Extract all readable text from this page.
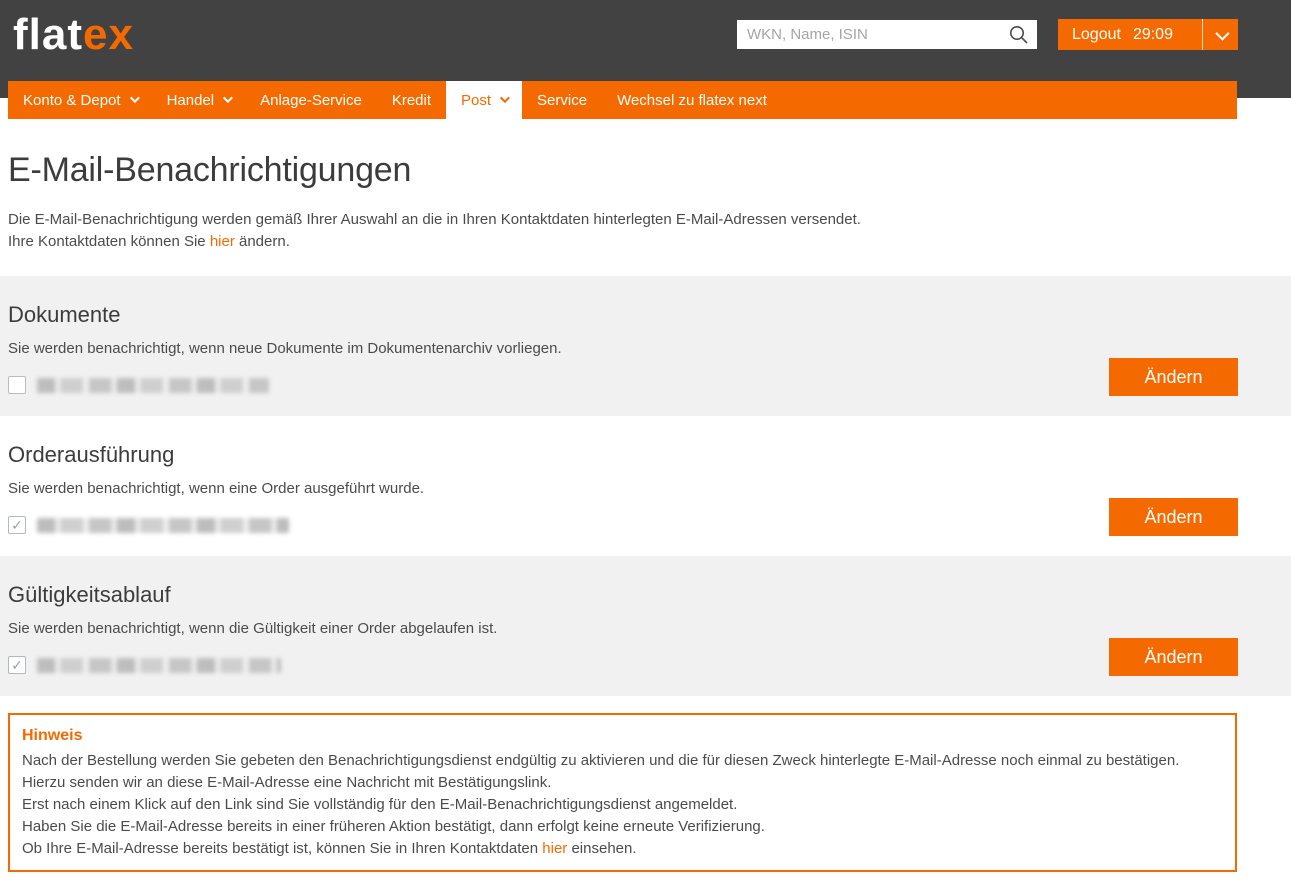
flatex
WKN, Name, ISIN	Logout 29:09
Konto & Depot	Handel	Anlage-Service Kredit Post	Service Wechsel zu flatex next
E-Mail-Benachrichtigungen

Die E-Mail-Benachrichtigung werden gemäß Ihrer Auswahl an die in Ihren Kontaktdaten hinterlegten E-Mail-Adressen versendet.

Ihre Kontaktdaten können Sie hier ändern.

Dokumente

Sie werden benachrichtigt, wenn neue Dokumente im Dokumentenarchiv vorliegen.

Ändern
Orderausführung

Sie werden benachrichtigt, wenn eine Order ausgeführt wurde.

✓	Ändern
Gültigkeitsablauf

Sie werden benachrichtigt, wenn die Gültigkeit einer Order abgelaufen ist.

✓	Ändern
Hinweis
Nach der Bestellung werden Sie gebeten den Benachrichtigungsdienst endgültig zu aktivieren und die für diesen Zweck hinterlegte E-Mail-Adresse noch einmal zu bestätigen.
Hierzu senden wir an diese E-Mail-Adresse eine Nachricht mit Bestätigungslink.
Erst nach einem Klick auf den Link sind Sie vollständig für den E-Mail-Benachrichtigungsdienst angemeldet.
Haben Sie die E-Mail-Adresse bereits in einer früheren Aktion bestätigt, dann erfolgt keine erneute Verifizierung.
Ob Ihre E-Mail-Adresse bereits bestätigt ist, können Sie in Ihren Kontaktdaten hier einsehen.
